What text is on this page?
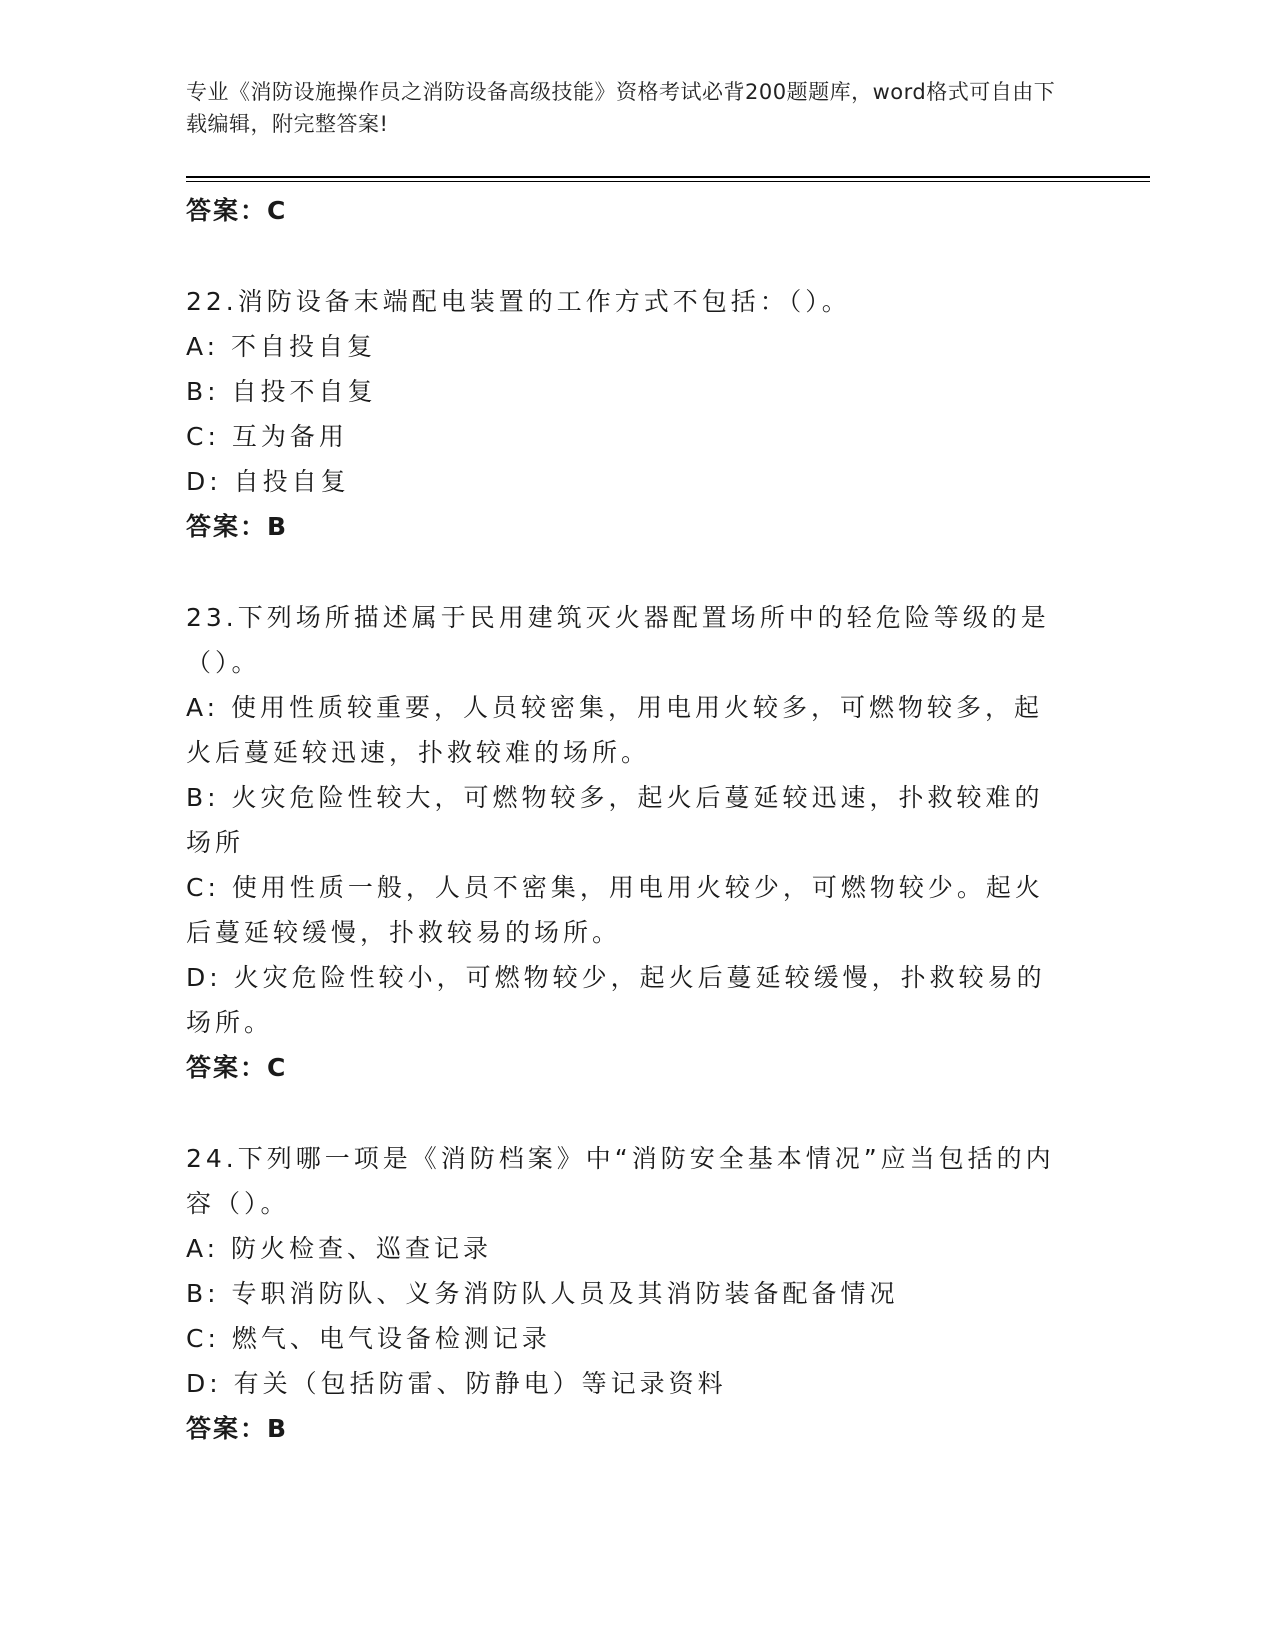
专业《消防设施操作员之消防设备高级技能》资格考试必背200题题库，word格式可自由下载编辑，附完整答案!

答案：C

22.消防设备末端配电装置的工作方式不包括：（）。

A: 不自投自复

B: 自投不自复

C: 互为备用

D: 自投自复

答案：B

23.下列场所描述属于民用建筑灭火器配置场所中的轻危险等级的是（）。

A: 使用性质较重要，人员较密集，用电用火较多，可燃物较多，起火后蔓延较迅速，扑救较难的场所。

B: 火灾危险性较大，可燃物较多，起火后蔓延较迅速，扑救较难的场所

C: 使用性质一般，人员不密集，用电用火较少，可燃物较少。起火后蔓延较缓慢，扑救较易的场所。

D: 火灾危险性较小，可燃物较少，起火后蔓延较缓慢，扑救较易的场所。

答案：C

24.下列哪一项是《消防档案》中“消防安全基本情况”应当包括的内容（）。

A: 防火检查、巡查记录

B: 专职消防队、义务消防队人员及其消防装备配备情况

C: 燃气、电气设备检测记录

D: 有关（包括防雷、防静电）等记录资料

答案：B
